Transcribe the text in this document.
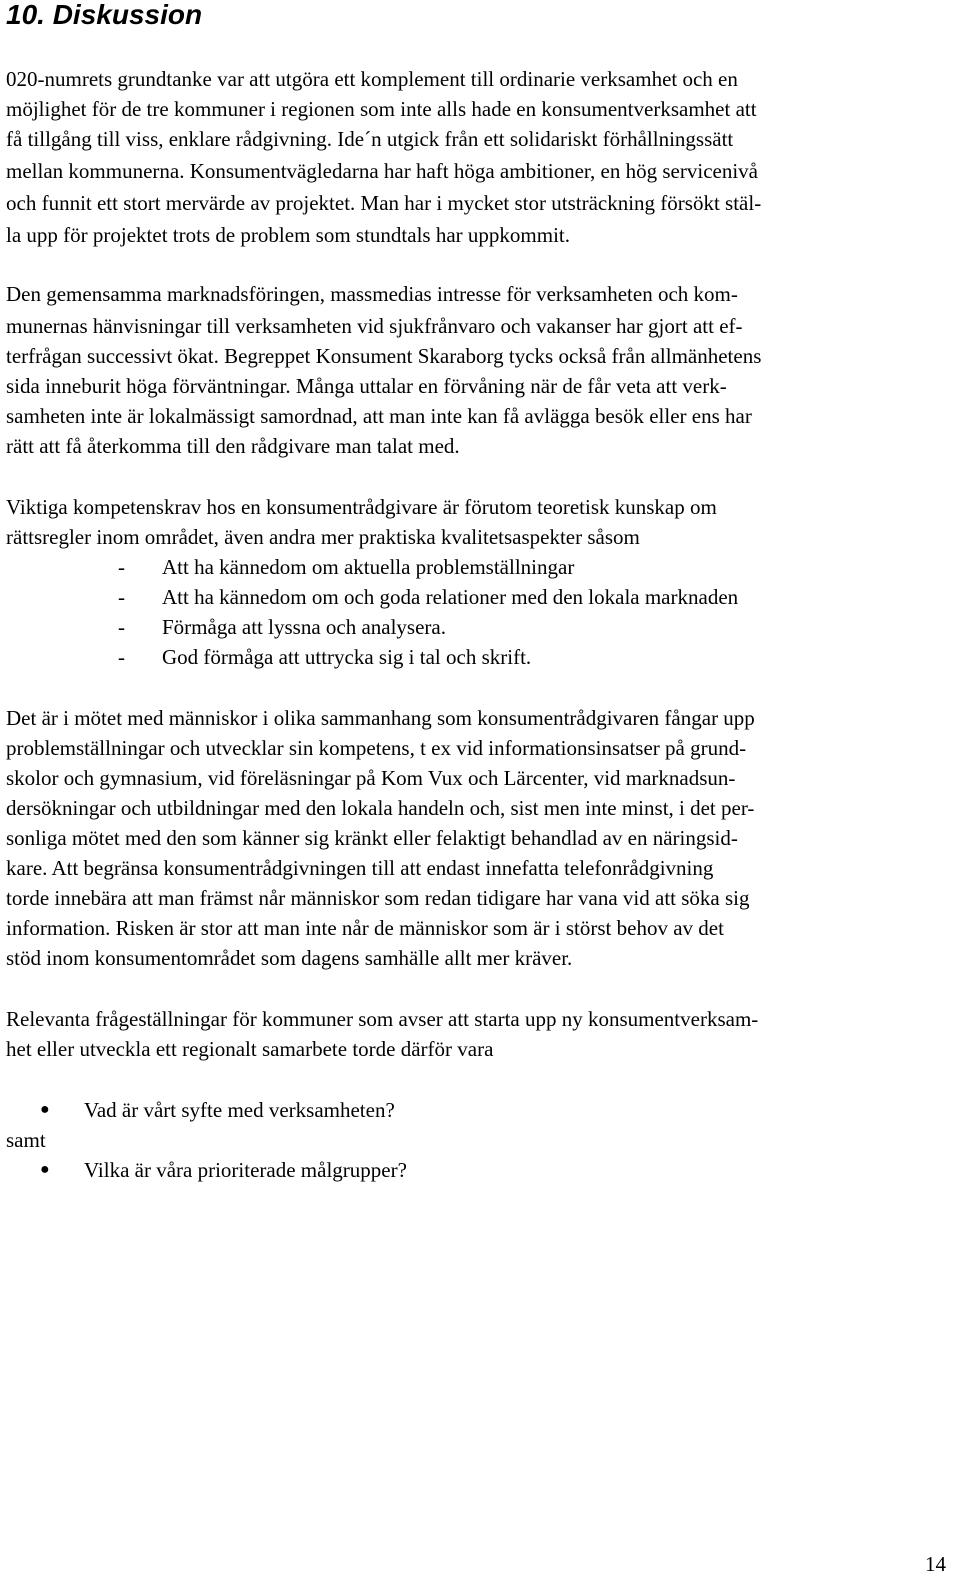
10. Diskussion

020-numrets grundtanke var att utgöra ett komplement till ordinarie verksamhet och en

möjlighet för de tre kommuner i regionen som inte alls hade en konsumentverksamhet att

få tillgång till viss, enklare rådgivning. Ide´n utgick från ett solidariskt förhållningssätt

mellan kommunerna. Konsumentvägledarna har haft höga ambitioner, en hög servicenivå

och funnit ett stort mervärde av projektet. Man har i mycket stor utsträckning försökt stäl-

la upp för projektet trots de problem som stundtals har uppkommit.

Den gemensamma marknadsföringen, massmedias intresse för verksamheten och kom-

munernas hänvisningar till verksamheten vid sjukfrånvaro och vakanser har gjort att ef-

terfrågan successivt ökat. Begreppet Konsument Skaraborg tycks också från allmänhetens

sida inneburit höga förväntningar. Många uttalar en förvåning när de får veta att verk-

samheten inte är lokalmässigt samordnad, att man inte kan få avlägga besök eller ens har

rätt att få återkomma till den rådgivare man talat med.

Viktiga kompetenskrav hos en konsumentrådgivare är förutom teoretisk kunskap om

rättsregler inom området, även andra mer praktiska kvalitetsaspekter såsom

- Att ha kännedom om aktuella problemställningar
- Att ha kännedom om och goda relationer med den lokala marknaden
- Förmåga att lyssna och analysera.
- God förmåga att uttrycka sig i tal och skrift.

Det är i mötet med människor i olika sammanhang som konsumentrådgivaren fångar upp

problemställningar och utvecklar sin kompetens, t ex vid informationsinsatser på grund-

skolor och gymnasium, vid föreläsningar på Kom Vux och Lärcenter, vid marknadsun-

dersökningar och utbildningar med den lokala handeln och, sist men inte minst, i det per-

sonliga mötet med den som känner sig kränkt eller felaktigt behandlad av en näringsid-

kare. Att begränsa konsumentrådgivningen till att endast innefatta telefonrådgivning

torde innebära att man främst når människor som redan tidigare har vana vid att söka sig

information. Risken är stor att man inte når de människor som är i störst behov av det

stöd inom konsumentområdet som dagens samhälle allt mer kräver.

Relevanta frågeställningar för kommuner som avser att starta upp ny konsumentverksam-

het eller utveckla ett regionalt samarbete torde därför vara

● Vad är vårt syfte med verksamheten?

samt

● Vilka är våra prioriterade målgrupper?
14
